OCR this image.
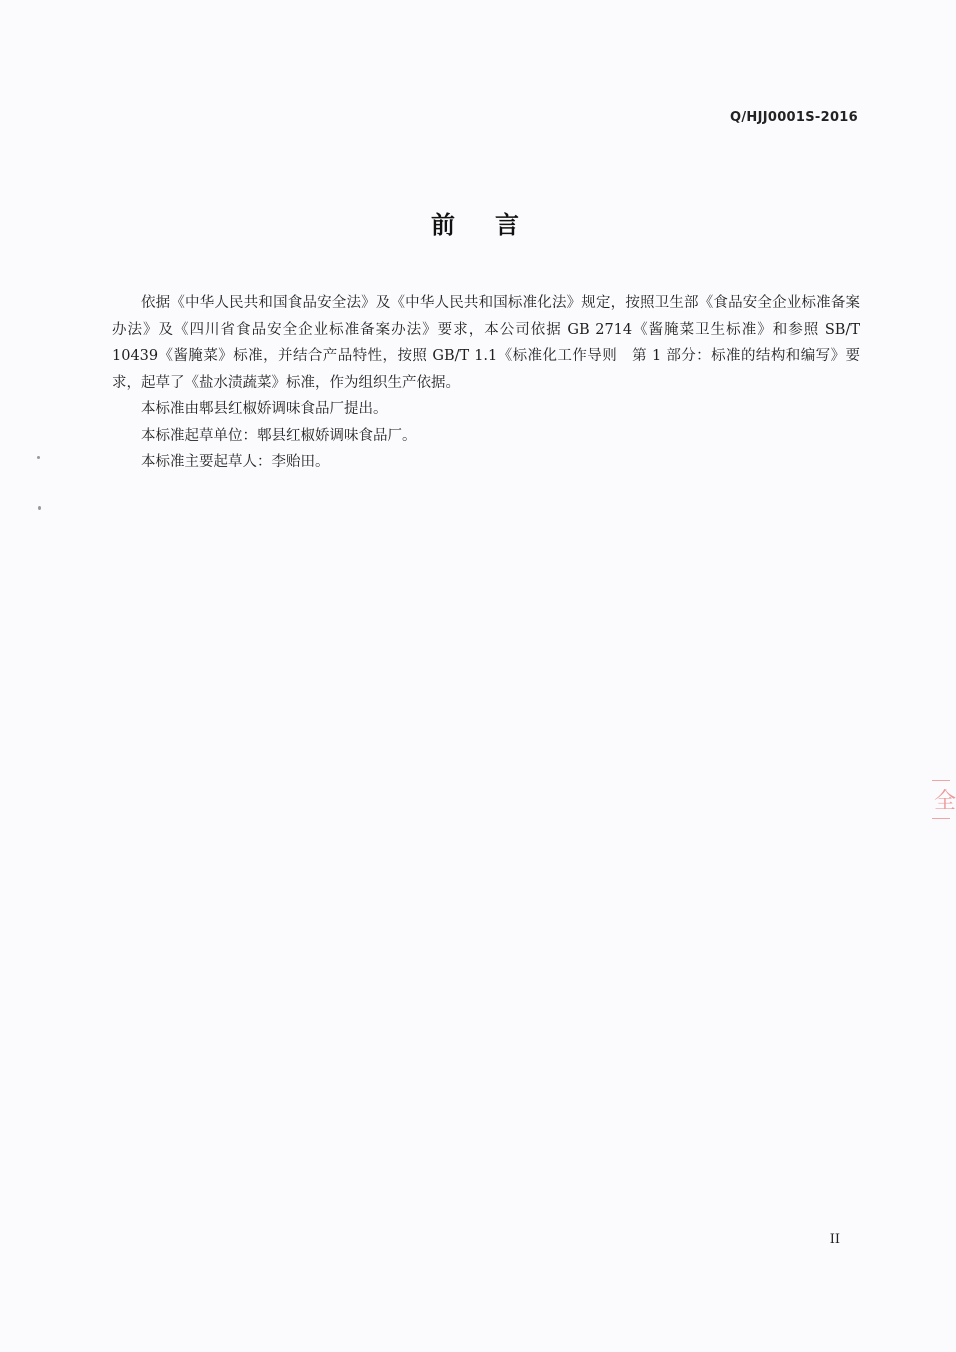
Q/HJJ0001S-2016
前言

依据《中华人民共和国食品安全法》及《中华人民共和国标准化法》规定，按照卫生部《食品安全企业标准备案办法》及《四川省食品安全企业标准备案办法》要求，本公司依据 GB 2714《酱腌菜卫生标准》和参照 SB/T 10439《酱腌菜》标准，并结合产品特性，按照 GB/T 1.1《标准化工作导则　第 1 部分：标准的结构和编写》要求，起草了《盐水渍蔬菜》标准，作为组织生产依据。

本标准由郫县红椒娇调味食品厂提出。

本标准起草单位：郫县红椒娇调味食品厂。

本标准主要起草人：李贻田。

II
全
